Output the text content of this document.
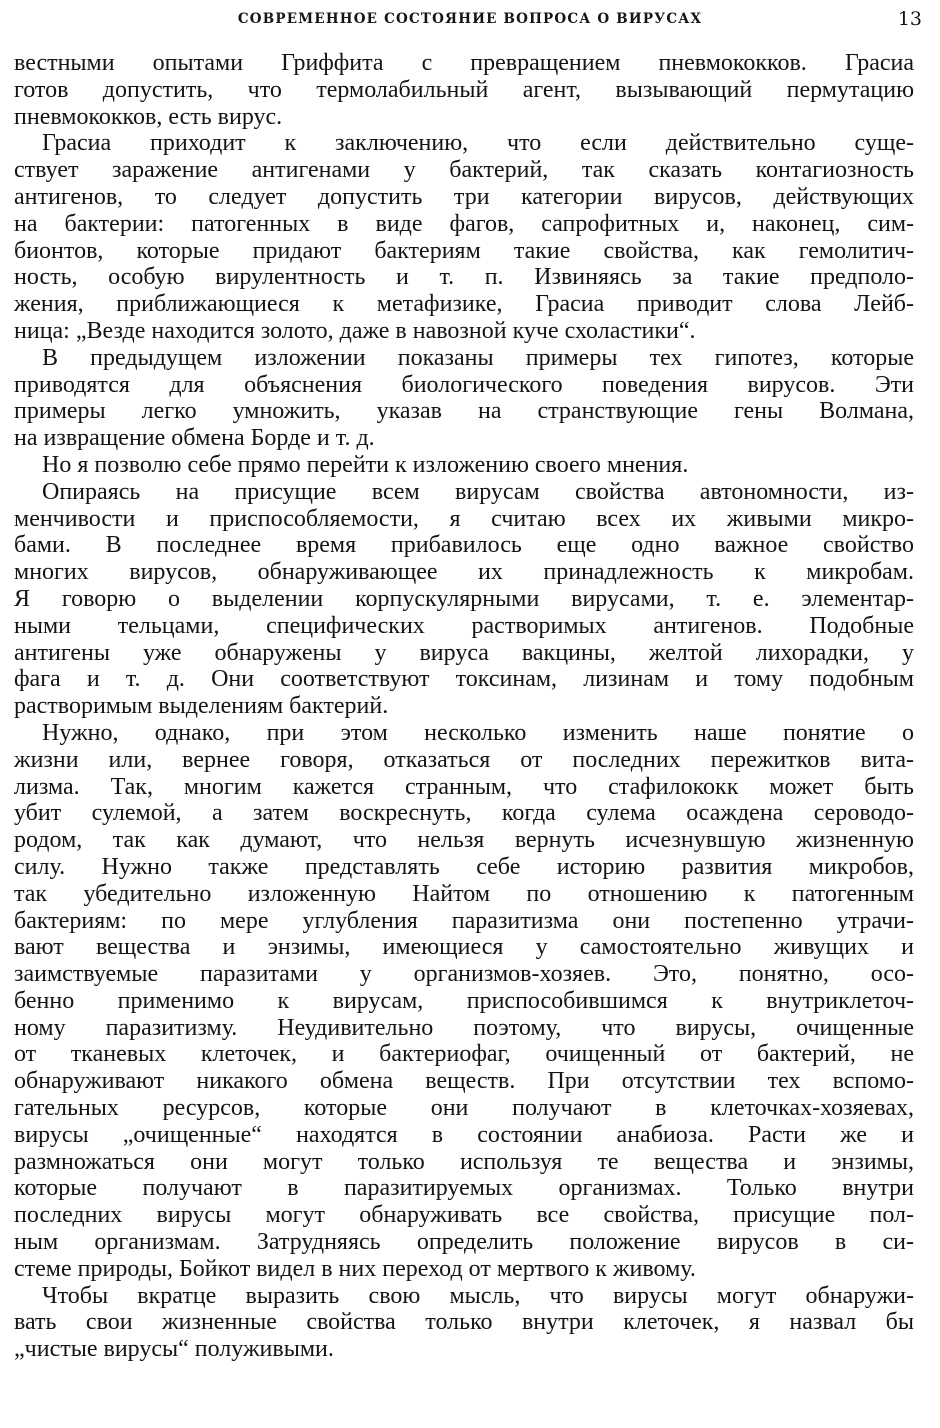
СОВРЕМЕННОЕ СОСТОЯНИЕ ВОПРОСА О ВИРУСАХ	13
вестными опытами Гриффита с превращением пневмококков. Грасиа
готов допустить, что термолабильный агент, вызывающий пермутацию
пневмококков, есть вирус.
Грасиа приходит к заключению, что если действительно суще-
ствует заражение антигенами у бактерий, так сказать контагиозность
антигенов, то следует допустить три категории вирусов, действующих
на бактерии: патогенных в виде фагов, сапрофитных и, наконец, сим-
бионтов, которые придают бактериям такие свойства, как гемолитич-
ность, особую вирулентность и т. п. Извиняясь за такие предполо-
жения, приближающиеся к метафизике, Грасиа приводит слова Лейб-
ница: „Везде находится золото, даже в навозной куче схоластики“.
В предыдущем изложении показаны примеры тех гипотез, которые
приводятся для объяснения биологического поведения вирусов. Эти
примеры легко умножить, указав на странствующие гены Волмана,
на извращение обмена Борде и т. д.
Но я позволю себе прямо перейти к изложению своего мнения.
Опираясь на присущие всем вирусам свойства автономности, из-
менчивости и приспособляемости, я считаю всех их живыми микро-
бами. В последнее время прибавилось еще одно важное свойство
многих вирусов, обнаруживающее их принадлежность к микробам.
Я говорю о выделении корпускулярными вирусами, т. е. элементар-
ными тельцами, специфических растворимых антигенов. Подобные
антигены уже обнаружены у вируса вакцины, желтой лихорадки, у
фага и т. д. Они соответствуют токсинам, лизинам и тому подобным
растворимым выделениям бактерий.
Нужно, однако, при этом несколько изменить наше понятие о
жизни или, вернее говоря, отказаться от последних пережитков вита-
лизма. Так, многим кажется странным, что стафилококк может быть
убит сулемой, а затем воскреснуть, когда сулема осаждена сероводо-
родом, так как думают, что нельзя вернуть исчезнувшую жизненную
силу. Нужно также представлять себе историю развития микробов,
так убедительно изложенную Найтом по отношению к патогенным
бактериям: по мере углубления паразитизма они постепенно утрачи-
вают вещества и энзимы, имеющиеся у самостоятельно живущих и
заимствуемые паразитами у организмов-хозяев. Это, понятно, осо-
бенно применимо к вирусам, приспособившимся к внутриклеточ-
ному паразитизму. Неудивительно поэтому, что вирусы, очищенные
от тканевых клеточек, и бактериофаг, очищенный от бактерий, не
обнаруживают никакого обмена веществ. При отсутствии тех вспомо-
гательных ресурсов, которые они получают в клеточках-хозяевах,
вирусы „очищенные“ находятся в состоянии анабиоза. Расти же и
размножаться они могут только используя те вещества и энзимы,
которые получают в паразитируемых организмах. Только внутри
последних вирусы могут обнаруживать все свойства, присущие пол-
ным организмам. Затрудняясь определить положение вирусов в си-
стеме природы, Бойкот видел в них переход от мертвого к живому.
Чтобы вкратце выразить свою мысль, что вирусы могут обнаружи-
вать свои жизненные свойства только внутри клеточек, я назвал бы
„чистые вирусы“ полуживыми.
